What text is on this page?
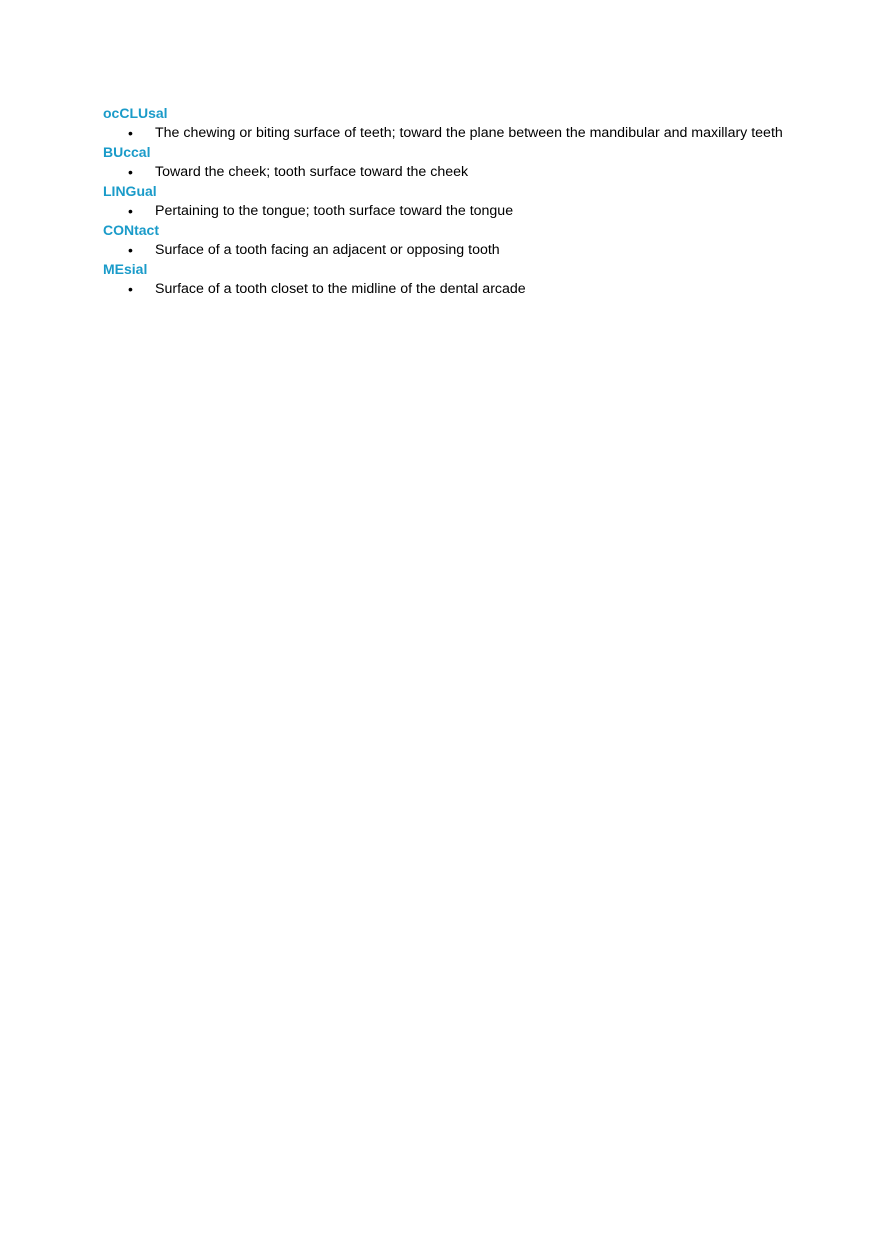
ocCLUsal

• The chewing or biting surface of teeth; toward the plane between the mandibular and maxillary teeth

BUccal

• Toward the cheek; tooth surface toward the cheek

LINGual

• Pertaining to the tongue; tooth surface toward the tongue

CONtact

• Surface of a tooth facing an adjacent or opposing tooth

MEsial

• Surface of a tooth closet to the midline of the dental arcade
